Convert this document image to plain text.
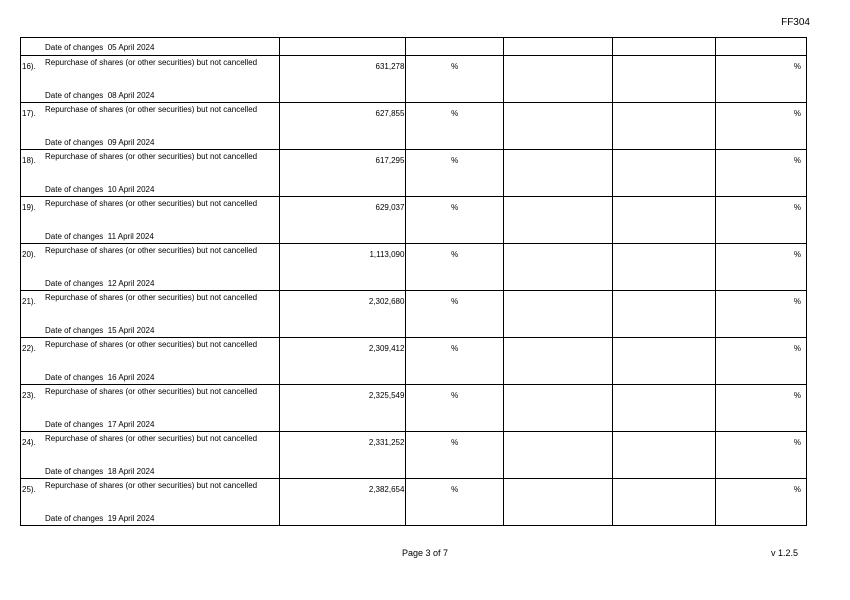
FF304
Date of changes 05 April 2024					

16). Repurchase of shares (or other securities) but not cancelled
Date of changes 08 April 2024	631,278	%			%

17). Repurchase of shares (or other securities) but not cancelled
Date of changes 09 April 2024	627,855	%			%

18). Repurchase of shares (or other securities) but not cancelled
Date of changes 10 April 2024	617,295	%			%

19). Repurchase of shares (or other securities) but not cancelled
Date of changes 11 April 2024	629,037	%			%

20). Repurchase of shares (or other securities) but not cancelled
Date of changes 12 April 2024	1,113,090	%			%

21). Repurchase of shares (or other securities) but not cancelled
Date of changes 15 April 2024	2,302,680	%			%

22). Repurchase of shares (or other securities) but not cancelled
Date of changes 16 April 2024	2,309,412	%			%

23). Repurchase of shares (or other securities) but not cancelled
Date of changes 17 April 2024	2,325,549	%			%

24). Repurchase of shares (or other securities) but not cancelled
Date of changes 18 April 2024	2,331,252	%			%

25). Repurchase of shares (or other securities) but not cancelled
Date of changes 19 April 2024	2,382,654	%			%
Page 3 of 7	v 1.2.5
